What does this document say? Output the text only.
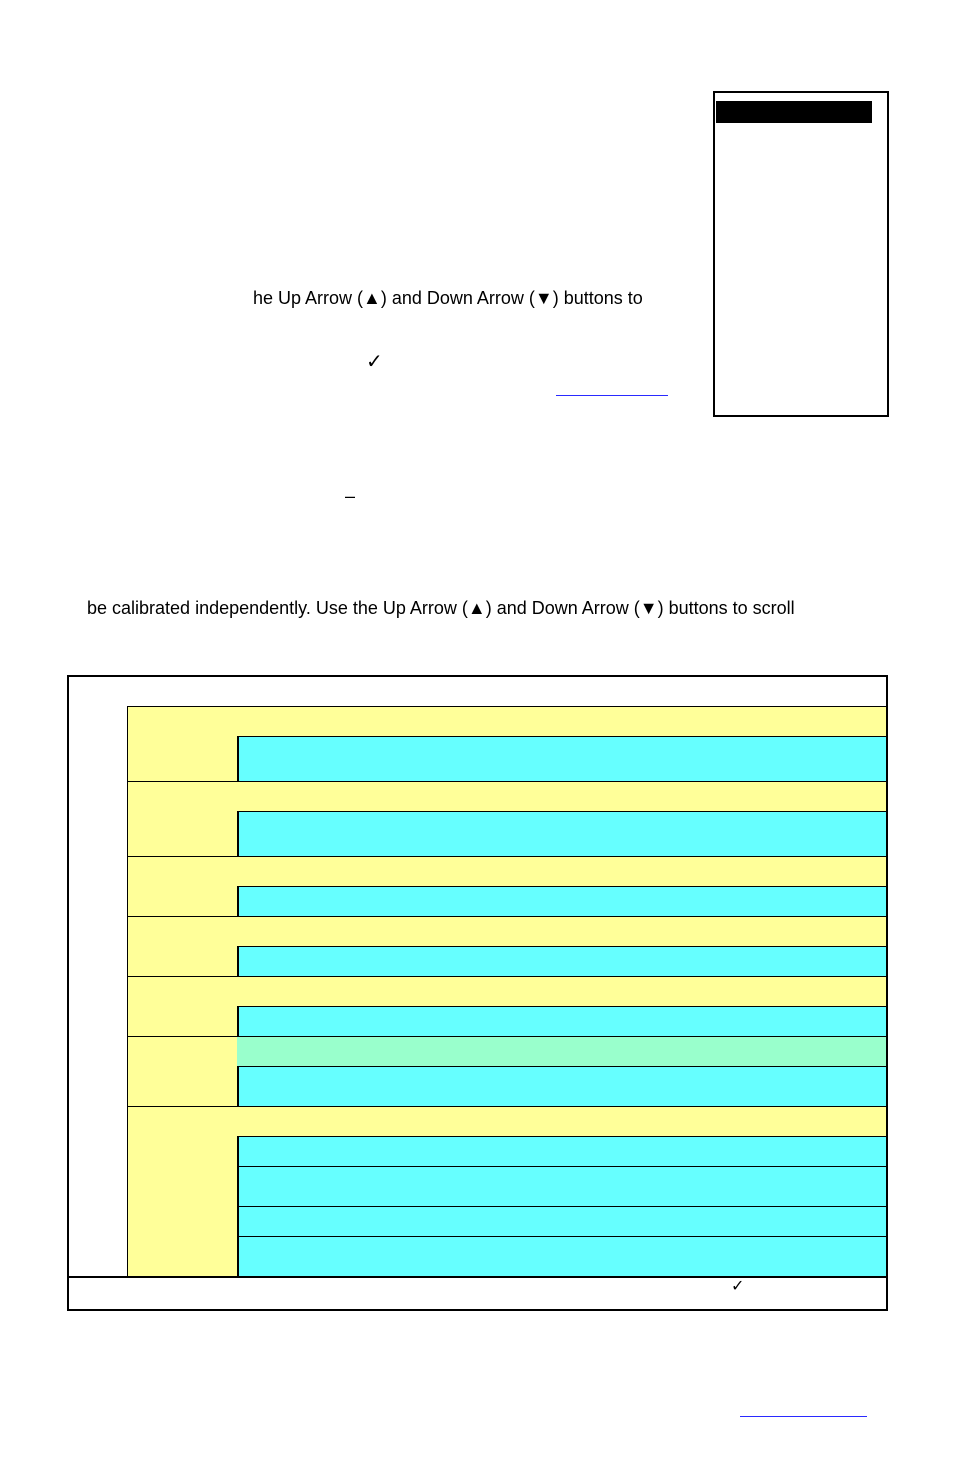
he Up Arrow (▲) and Down Arrow (▼) buttons to
✓
–
be calibrated independently. Use the Up Arrow (▲) and Down Arrow (▼) buttons to scroll
✓
